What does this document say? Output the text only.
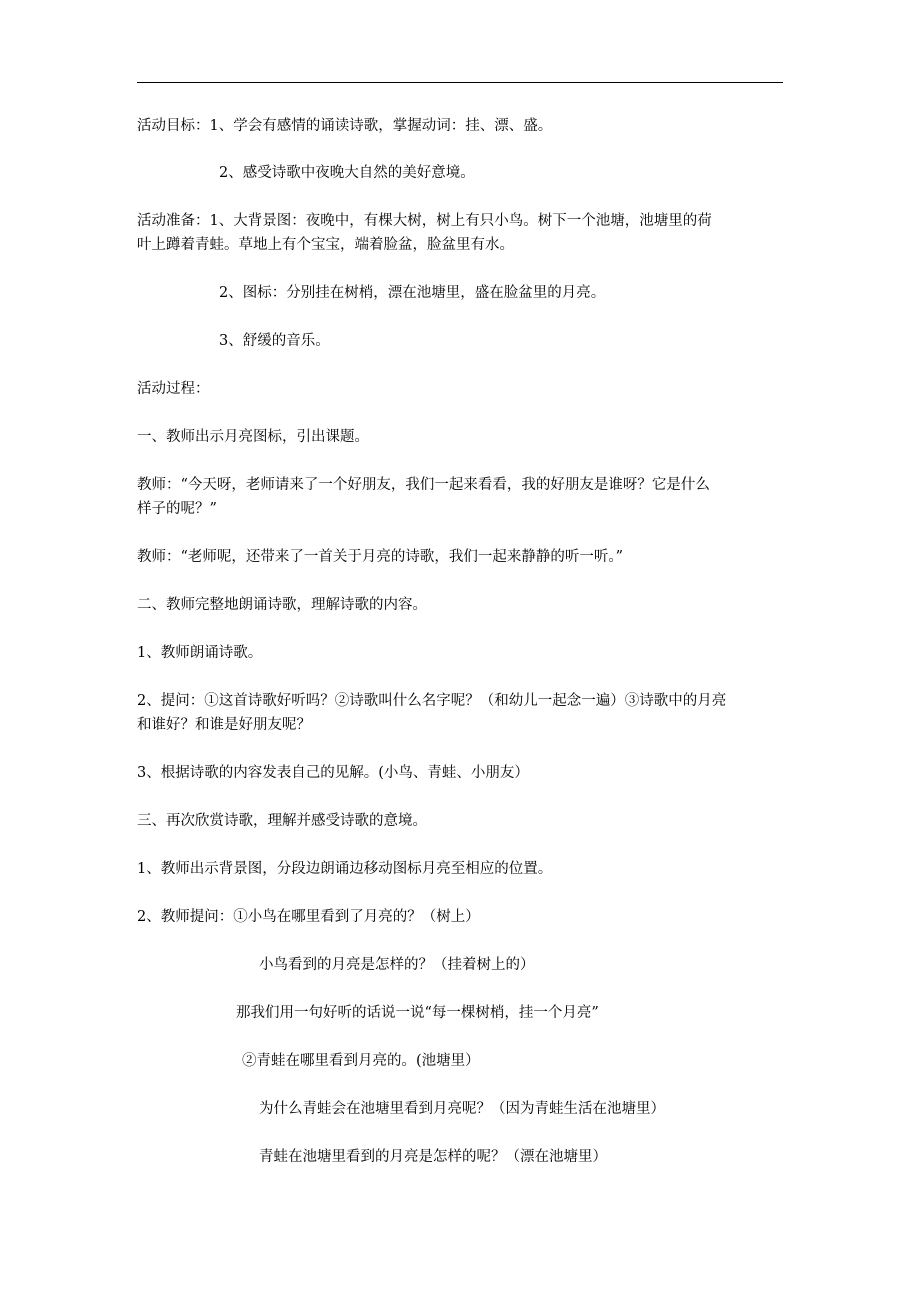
活动目标：1、学会有感情的诵读诗歌，掌握动词：挂、漂、盛。
2、感受诗歌中夜晚大自然的美好意境。
活动准备：1、大背景图：夜晚中，有棵大树，树上有只小鸟。树下一个池塘，池塘里的荷
叶上蹲着青蛙。草地上有个宝宝，端着脸盆，脸盆里有水。
2、图标：分别挂在树梢，漂在池塘里，盛在脸盆里的月亮。
3、舒缓的音乐。
活动过程：
一、教师出示月亮图标，引出课题。
教师：“今天呀，老师请来了一个好朋友，我们一起来看看，我的好朋友是谁呀？它是什么
样子的呢？”
教师：“老师呢，还带来了一首关于月亮的诗歌，我们一起来静静的听一听。”
二、教师完整地朗诵诗歌，理解诗歌的内容。
1、教师朗诵诗歌。
2、提问：①这首诗歌好听吗？②诗歌叫什么名字呢？（和幼儿一起念一遍）③诗歌中的月亮
和谁好？和谁是好朋友呢？
3、根据诗歌的内容发表自己的见解。(小鸟、青蛙、小朋友）
三、再次欣赏诗歌，理解并感受诗歌的意境。
1、教师出示背景图，分段边朗诵边移动图标月亮至相应的位置。
2、教师提问：①小鸟在哪里看到了月亮的？（树上）
小鸟看到的月亮是怎样的？（挂着树上的）
那我们用一句好听的话说一说“每一棵树梢，挂一个月亮”
②青蛙在哪里看到月亮的。(池塘里）
为什么青蛙会在池塘里看到月亮呢？（因为青蛙生活在池塘里）
青蛙在池塘里看到的月亮是怎样的呢？（漂在池塘里）
